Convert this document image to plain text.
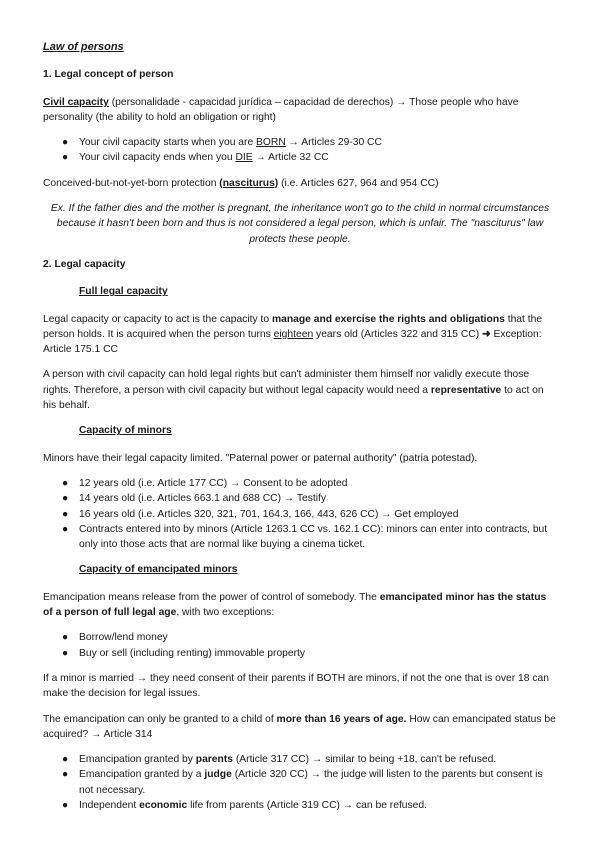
Law of persons

1. Legal concept of person

Civil capacity (personalidade - capacidad jurídica – capacidad de derechos) → Those people who have personality (the ability to hold an obligation or right)

● Your civil capacity starts when you are BORN → Articles 29-30 CC
● Your civil capacity ends when you DIE → Article 32 CC

Conceived-but-not-yet-born protection (nasciturus) (i.e. Articles 627, 964 and 954 CC)

Ex. If the father dies and the mother is pregnant, the inheritance won't go to the child in normal circumstances because it hasn't been born and thus is not considered a legal person, which is unfair. The "nasciturus" law protects these people.

2. Legal capacity

Full legal capacity

Legal capacity or capacity to act is the capacity to manage and exercise the rights and obligations that the person holds. It is acquired when the person turns eighteen years old (Articles 322 and 315 CC) ➜ Exception: Article 175.1 CC

A person with civil capacity can hold legal rights but can't administer them himself nor validly execute those rights. Therefore, a person with civil capacity but without legal capacity would need a representative to act on his behalf.

Capacity of minors

Minors have their legal capacity limited. "Paternal power or paternal authority" (patria potestad).

● 12 years old (i.e. Article 177 CC) → Consent to be adopted
● 14 years old (i.e. Articles 663.1 and 688 CC) → Testify
● 16 years old (i.e. Articles 320, 321, 701, 164.3, 166, 443, 626 CC) → Get employed
● Contracts entered into by minors (Article 1263.1 CC vs. 162.1 CC): minors can enter into contracts, but only into those acts that are normal like buying a cinema ticket.

Capacity of emancipated minors

Emancipation means release from the power of control of somebody. The emancipated minor has the status of a person of full legal age, with two exceptions:

● Borrow/lend money
● Buy or sell (including renting) immovable property

If a minor is married → they need consent of their parents if BOTH are minors, if not the one that is over 18 can make the decision for legal issues.

The emancipation can only be granted to a child of more than 16 years of age. How can emancipated status be acquired? → Article 314

● Emancipation granted by parents (Article 317 CC) → similar to being +18, can't be refused.
● Emancipation granted by a judge (Article 320 CC) → the judge will listen to the parents but consent is not necessary.
● Independent economic life from parents (Article 319 CC) → can be refused.
